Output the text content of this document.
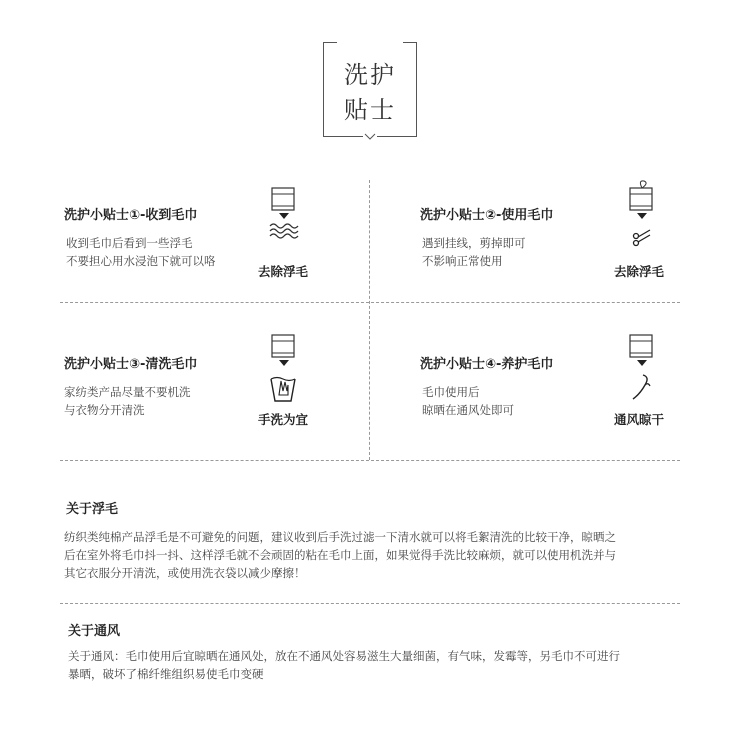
洗护
贴士
洗护小贴士①-收到毛巾
收到毛巾后看到一些浮毛
不要担心用水浸泡下就可以咯
去除浮毛
洗护小贴士②-使用毛巾
遇到挂线，剪掉即可
不影响正常使用
去除浮毛
洗护小贴士③-清洗毛巾
家纺类产品尽量不要机洗
与衣物分开清洗
手洗为宜
洗护小贴士④-养护毛巾
毛巾使用后
晾晒在通风处即可
通风晾干
关于浮毛
纺织类纯棉产品浮毛是不可避免的问题，建议收到后手洗过滤一下清水就可以将毛絮清洗的比较干净，晾晒之
后在室外将毛巾抖一抖、这样浮毛就不会顽固的粘在毛巾上面，如果觉得手洗比较麻烦，就可以使用机洗并与
其它衣服分开清洗，或使用洗衣袋以减少摩擦！
关于通风
关于通风：毛巾使用后宜晾晒在通风处，放在不通风处容易滋生大量细菌，有气味，发霉等，另毛巾不可进行
暴晒，破坏了棉纤维组织易使毛巾变硬
